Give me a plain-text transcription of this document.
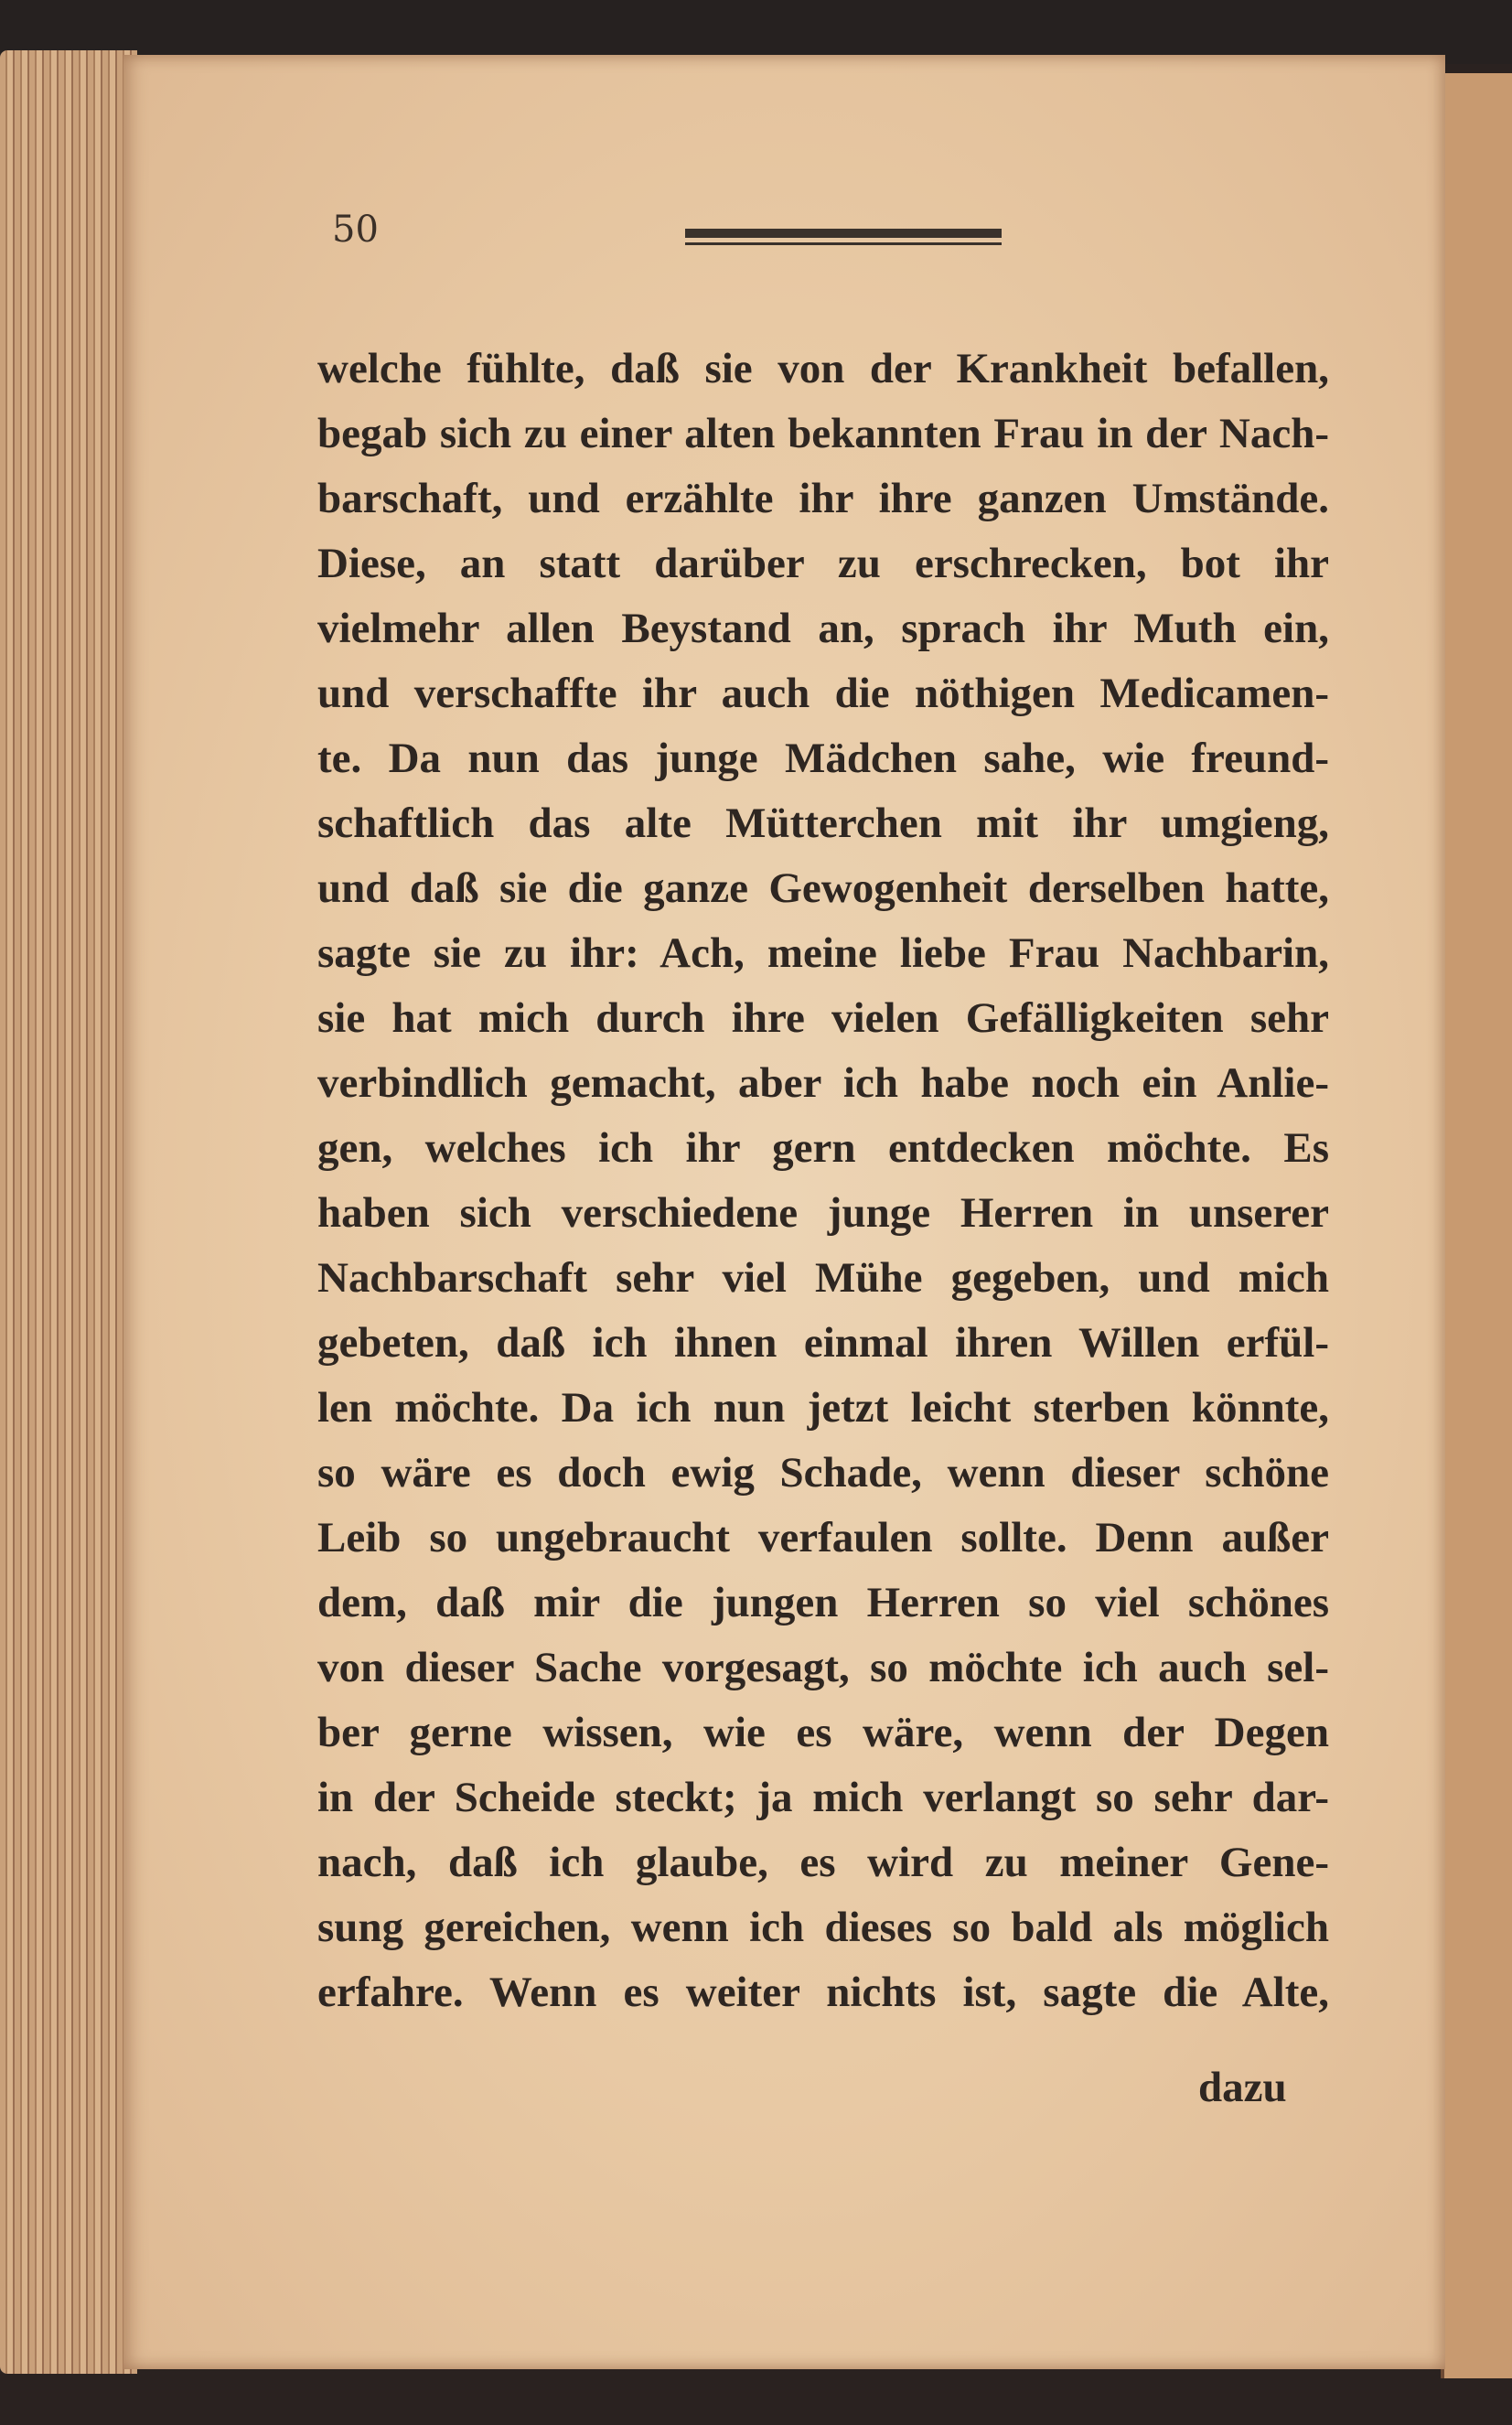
50
welche fühlte, daß sie von der Krankheit befallen,
begab sich zu einer alten bekannten Frau in der Nach-
barschaft, und erzählte ihr ihre ganzen Umstände.
Diese, an statt darüber zu erschrecken, bot ihr
vielmehr allen Beystand an, sprach ihr Muth ein,
und verschaffte ihr auch die nöthigen Medicamen-
te. Da nun das junge Mädchen sahe, wie freund-
schaftlich das alte Mütterchen mit ihr umgieng,
und daß sie die ganze Gewogenheit derselben hatte,
sagte sie zu ihr: Ach, meine liebe Frau Nachbarin,
sie hat mich durch ihre vielen Gefälligkeiten sehr
verbindlich gemacht, aber ich habe noch ein Anlie-
gen, welches ich ihr gern entdecken möchte. Es
haben sich verschiedene junge Herren in unserer
Nachbarschaft sehr viel Mühe gegeben, und mich
gebeten, daß ich ihnen einmal ihren Willen erfül-
len möchte. Da ich nun jetzt leicht sterben könnte,
so wäre es doch ewig Schade, wenn dieser schöne
Leib so ungebraucht verfaulen sollte. Denn außer
dem, daß mir die jungen Herren so viel schönes
von dieser Sache vorgesagt, so möchte ich auch sel-
ber gerne wissen, wie es wäre, wenn der Degen
in der Scheide steckt; ja mich verlangt so sehr dar-
nach, daß ich glaube, es wird zu meiner Gene-
sung gereichen, wenn ich dieses so bald als möglich
erfahre. Wenn es weiter nichts ist, sagte die Alte,
dazu
